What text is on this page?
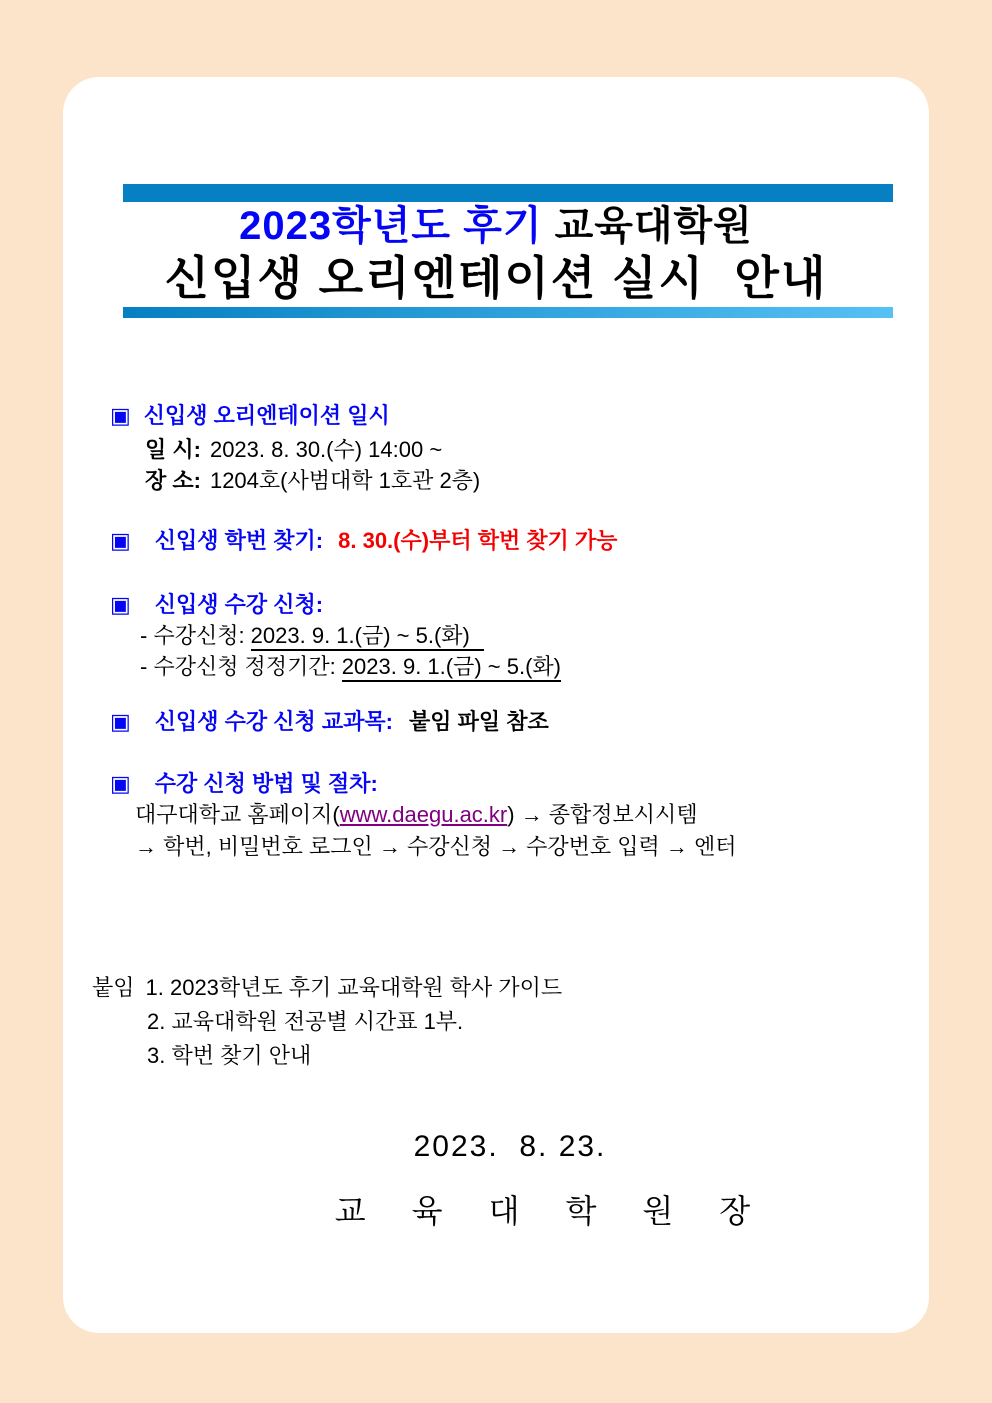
2023학년도 후기 교육대학원
신입생 오리엔테이션 실시  안내
▣ 신입생 오리엔테이션 일시
일 시: 2023. 8. 30.(수) 14:00 ~
장 소: 1204호(사범대학 1호관 2층)
▣ 신입생 학번 찾기: 8. 30.(수)부터 학번 찾기 가능
▣ 신입생 수강 신청:
- 수강신청: 2023. 9. 1.(금) ~ 5.(화)
- 수강신청 정정기간: 2023. 9. 1.(금) ~ 5.(화)
▣ 신입생 수강 신청 교과목: 붙임 파일 참조
▣ 수강 신청 방법 및 절차:
대구대학교 홈페이지(www.daegu.ac.kr) → 종합정보시시템
→ 학번, 비밀번호 로그인 → 수강신청 → 수강번호 입력 → 엔터
붙임 1. 2023학년도 후기 교육대학원 학사 가이드
2. 교육대학원 전공별 시간표 1부.
3. 학번 찾기 안내
2023.  8. 23.
교 육 대 학 원 장
